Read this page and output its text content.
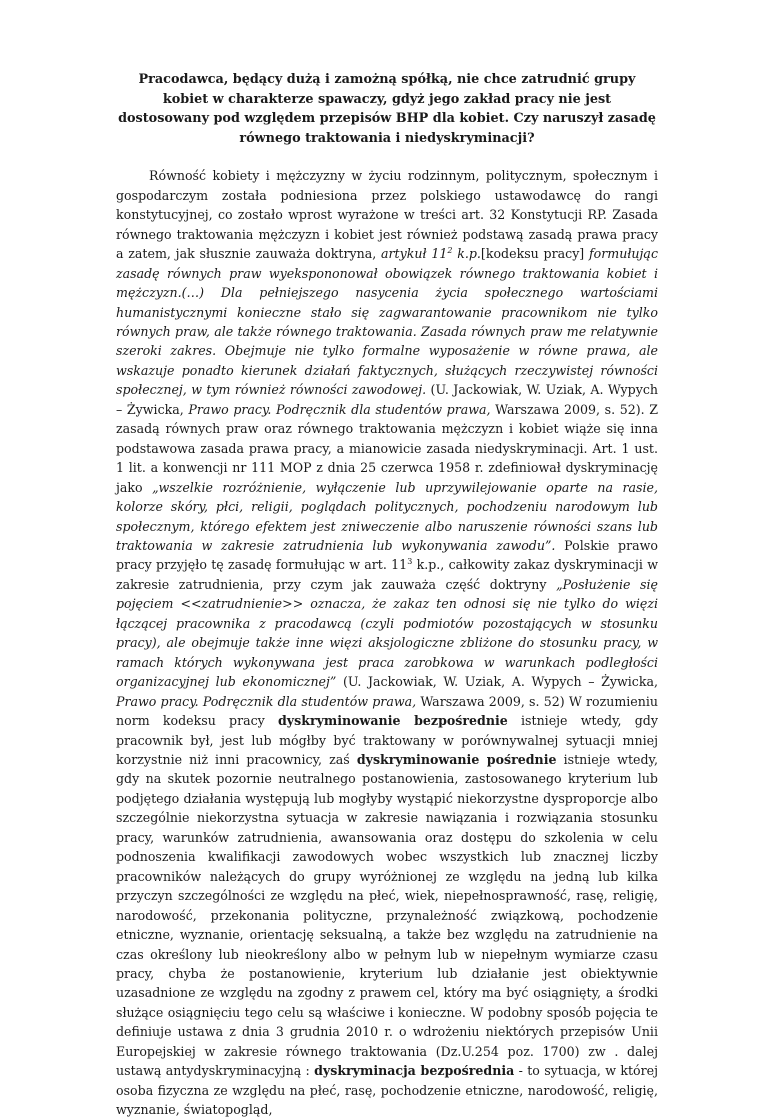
Pracodawca, będący dużą i zamożną spółką, nie chce zatrudnić grupy kobiet w charakterze spawaczy, gdyż jego zakład pracy nie jest dostosowany pod względem przepisów BHP dla kobiet. Czy naruszył zasadę równego traktowania i niedyskryminacji?

Równość kobiety i mężczyzny w życiu rodzinnym, politycznym, społecznym i gospodarczym została podniesiona przez polskiego ustawodawcę do rangi konstytucyjnej, co zostało wprost wyrażone w treści art. 32 Konstytucji RP. Zasada równego traktowania mężczyzn i kobiet jest również podstawą zasadą prawa pracy a zatem, jak słusznie zauważa doktryna, artykuł $11^2$ k.p.[kodeksu pracy] formułując zasadę równych praw wyekspononował obowiązek równego traktowania kobiet i mężczyzn.(…) Dla pełniejszego nasycenia życia społecznego wartościami humanistycznymi konieczne stało się zagwarantowanie pracownikom nie tylko równych praw, ale także równego traktowania. Zasada równych praw me relatywnie szeroki zakres. Obejmuje nie tylko formalne wyposażenie w równe prawa, ale wskazuje ponadto kierunek działań faktycznych, służących rzeczywistej równości społecznej, w tym również równości zawodowej. (U. Jackowiak, W. Uziak, A. Wypych – Żywicka, Prawo pracy. Podręcznik dla studentów prawa, Warszawa 2009, s. 52). Z zasadą równych praw oraz równego traktowania mężczyzn i kobiet wiąże się inna podstawowa zasada prawa pracy, a mianowicie zasada niedyskryminacji. Art. 1 ust. 1 lit. a konwencji nr 111 MOP z dnia 25 czerwca 1958 r. zdefiniował dyskryminację jako „wszelkie rozróżnienie, wyłączenie lub uprzywilejowanie oparte na rasie, kolorze skóry, płci, religii, poglądach politycznych, pochodzeniu narodowym lub społecznym, którego efektem jest zniweczenie albo naruszenie równości szans lub traktowania w zakresie zatrudnienia lub wykonywania zawodu”. Polskie prawo pracy przyjęło tę zasadę formułując w art. $11^3$ k.p., całkowity zakaz dyskryminacji w zakresie zatrudnienia, przy czym jak zauważa część doktryny „Posłużenie się pojęciem <<zatrudnienie>> oznacza, że zakaz ten odnosi się nie tylko do więzi łączącej pracownika z pracodawcą (czyli podmiotów pozostających w stosunku pracy), ale obejmuje także inne więzi aksjologiczne zbliżone do stosunku pracy, w ramach których wykonywana jest praca zarobkowa w warunkach podległości organizacyjnej lub ekonomicznej” (U. Jackowiak, W. Uziak, A. Wypych – Żywicka, Prawo pracy. Podręcznik dla studentów prawa, Warszawa 2009, s. 52) W rozumieniu norm kodeksu pracy dyskryminowanie bezpośrednie istnieje wtedy, gdy pracownik był, jest lub mógłby być traktowany w porównywalnej sytuacji mniej korzystnie niż inni pracownicy, zaś dyskryminowanie pośrednie istnieje wtedy, gdy na skutek pozornie neutralnego postanowienia, zastosowanego kryterium lub podjętego działania występują lub mogłyby wystąpić niekorzystne dysproporcje albo szczególnie niekorzystna sytuacja w zakresie nawiązania i rozwiązania stosunku pracy, warunków zatrudnienia, awansowania oraz dostępu do szkolenia w celu podnoszenia kwalifikacji zawodowych wobec wszystkich lub znacznej liczby pracowników należących do grupy wyróżnionej ze względu na jedną lub kilka przyczyn szczególności ze względu na płeć, wiek, niepełnosprawność, rasę, religię, narodowość, przekonania polityczne, przynależność związkową, pochodzenie etniczne, wyznanie, orientację seksualną, a także bez względu na zatrudnienie na czas określony lub nieokreślony albo w pełnym lub w niepełnym wymiarze czasu pracy, chyba że postanowienie, kryterium lub działanie jest obiektywnie uzasadnione ze względu na zgodny z prawem cel, który ma być osiągnięty, a środki służące osiągnięciu tego celu są właściwe i konieczne. W podobny sposób pojęcia te definiuje ustawa z dnia 3 grudnia 2010 r. o wdrożeniu niektórych przepisów Unii Europejskiej w zakresie równego traktowania (Dz.U.254 poz. 1700) zw . dalej ustawą antydyskryminacyjną : dyskryminacja bezpośrednia - to sytuacja, w której osoba fizyczna ze względu na płeć, rasę, pochodzenie etniczne, narodowość, religię, wyznanie, światopogląd,
